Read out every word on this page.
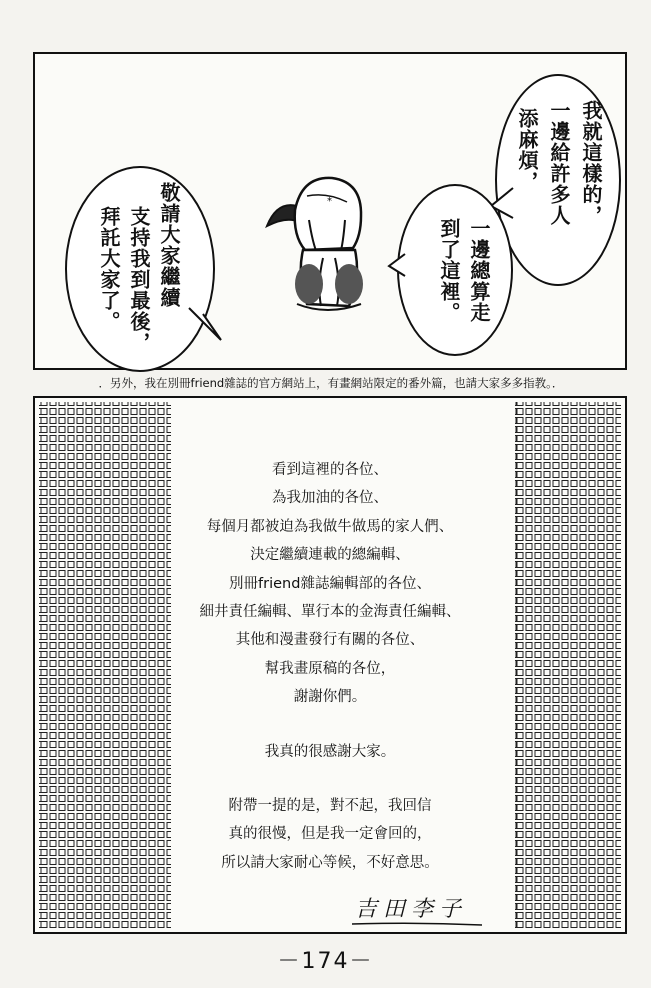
敬請大家繼續
支持我到最後，
拜託大家了。
我就這樣的，
一邊給許多人
添麻煩，
一邊總算走
到了這裡。
*
．另外，我在別冊friend雜誌的官方網站上，有畫網站限定的番外篇，也請大家多多指教。．
看到這裡的各位、
為我加油的各位、
每個月都被迫為我做牛做馬的家人們、
決定繼續連載的總編輯、
別冊friend雜誌編輯部的各位、
細井責任編輯、單行本的金海責任編輯、
其他和漫畫發行有關的各位、
幫我畫原稿的各位，
謝謝你們。
我真的很感謝大家。
附帶一提的是，對不起，我回信
真的很慢，但是我一定會回的，
所以請大家耐心等候，不好意思。
吉田李子
－174－
